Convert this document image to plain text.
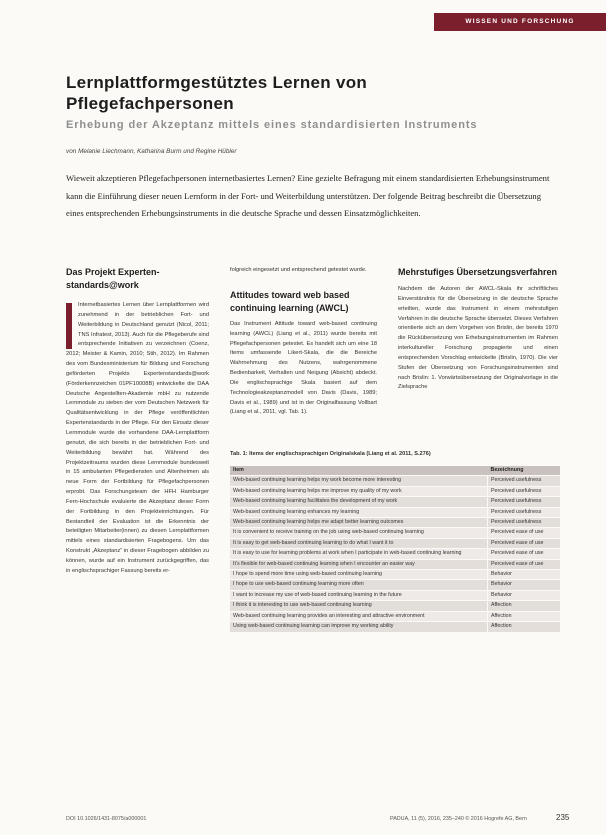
WISSEN UND FORSCHUNG
Lernplattformgestütztes Lernen von Pflegefachpersonen
Erhebung der Akzeptanz mittels eines standardisierten Instruments
von Melanie Liechmann, Katharina Burm und Regine Hübler

Wieweit akzeptieren Pflegefachpersonen internetbasiertes Lernen? Eine gezielte Befragung mit einem standardisierten Erhebungsinstrument kann die Einführung dieser neuen Lernform in der Fort- und Weiterbildung unterstützen. Der folgende Beitrag beschreibt die Übersetzung eines entsprechenden Erhebungsinstruments in die deutsche Sprache und dessen Einsatzmöglichkeiten.

Das Projekt Experten-standards@work

Internetbasiertes Lernen über Lernplattformen wird zunehmend in der betrieblichen Fort- und Weiterbildung in Deutschland genutzt (Nicol, 2011; TNS Infratest, 2013). Auch für die Pflegeberufe sind entsprechende Initiativen zu verzeichnen (Coenz, 2012; Meister & Kamin, 2010; Stih, 2012). Im Rahmen des vom Bundesministerium für Bildung und Forschung geförderten Projekts Expertenstandards@work (Förderkennzeichen 01PF10008B) entwickelte die DAA Deutsche Angestellten-Akademie mbH zu nutzende Lernmodule zu sieben der vom Deutschen Netzwerk für Qualitätsentwicklung in der Pflege veröffentlichten Expertenstandards in der Pflege. Für den Einsatz dieser Lernmodule wurde die vorhandene DAA-Lernplattform genutzt, die sich bereits in der betrieblichen Fort- und Weiterbildung bewährt hat. Während des Projektzeitraums wurden diese Lernmodule bundesweit in 15 ambulanten Pflegediensten und Altenheimen als neue Form der Fortbildung für Pflegefachpersonen erprobt. Das Forschungsteam der HFH Hamburger Fern-Hochschule evaluierte die Akzeptanz dieser Form der Fortbildung in den Projekteinrichtungen. Für Bestandteil der Evaluation ist die Erkenntnis der beteiligten Mitarbeiter(innen) zu diesen Lernplattformen mittels eines standardisierten Fragebogens. Um das Konstrukt „Akzeptanz“ in dieser Fragebogen abbilden zu können, wurde auf ein Instrument zurückgegriffen, das in englischsprachiger Fassung bereits er-

folgreich eingesetzt und entsprechend getestet wurde.

Attitudes toward web based continuing learning (AWCL)

Das Instrument Attitude toward web-based continuing learning (AWCL) (Liang et al., 2011) wurde bereits mit Pflegefachpersonen getestet. Es handelt sich um eine 18 Items umfassende Likert-Skala, die die Bereiche Wahrnehmung des Nutzens, wahrgenommene Bedienbarkeit, Verhalten und Neigung (Absicht) abdeckt. Die englischsprachige Skala basiert auf dem Technologieakzeptanzmodell von Davis (Davis, 1989; Davis et al., 1989) und ist in der Originalfassung Vollbart (Liang et al., 2011, vgl. Tab. 1).

Mehrstufiges Übersetzungsverfahren

Nachdem die Autoren der AWCL-Skala ihr schriftliches Einverständnis für die Übersetzung in die deutsche Sprache erteilten, wurde das Instrument in einem mehrstufigen Verfahren in die deutsche Sprache übersetzt. Dieses Verfahren orientierte sich an dem Vorgehen von Brislin, der bereits 1970 die Rückübersetzung von Erhebungsinstrumenten im Rahmen interkultureller Forschung propagierte und einen entsprechenden Vorschlag entwickelte (Brislin, 1970). Die vier Stufen der Übersetzung von Forschungsinstrumenten sind nach Brislin: 1. Vorwärtsübersetzung der Originalvorlage in die Zielsprache

Tab. 1: Items der englischsprachigen Originalskala (Liang et al. 2011, S.276)
Item	Bezeichnung
Web-based continuing learning helps my work become more interesting	Perceived usefulness
Web-based continuing learning helps me improve my quality of my work	Perceived usefulness
Web-based continuing learning facilitates the development of my work	Perceived usefulness
Web-based continuing learning enhances my learning	Perceived usefulness
Web-based continuing learning helps me adapt better learning outcomes	Perceived usefulness
It is convenient to receive training on the job using web-based continuing learning	Perceived ease of use
It is easy to get web-based continuing learning to do what I want it to	Perceived ease of use
It is easy to use for learning problems at work when I participate in web-based continuing learning	Perceived ease of use
It's flexible for web-based continuing learning when I encounter an easier way	Perceived ease of use
I hope to spend more time using web-based continuing learning	Behavior
I hope to use web-based continuing learning more often	Behavior
I want to increase my use of web-based continuing learning in the future	Behavior
I think it is interesting to use web-based continuing learning	Affection
Web-based continuing learning provides an interesting and attractive environment	Affection
Using web-based continuing learning can improve my working ability	Affection
DOI 10.1026/1431-8075/a000001	PADUA, 11 (5), 2016, 235–240 © 2016 Hogrefe AG, Bern	235
